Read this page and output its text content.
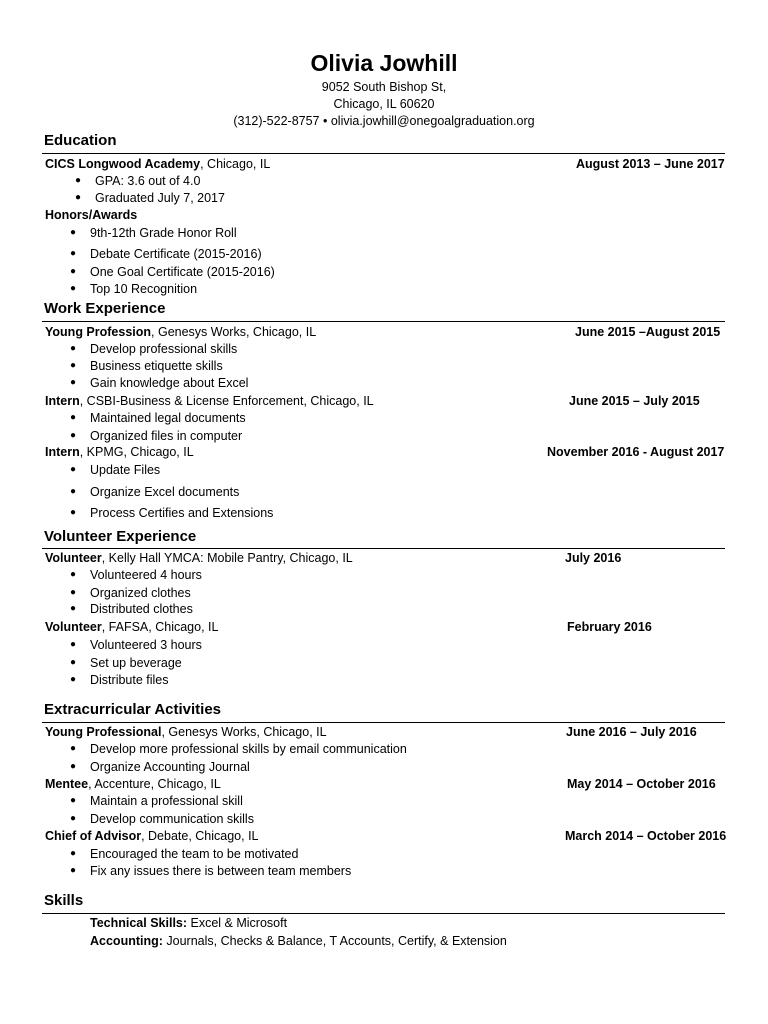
Olivia Jowhill
9052 South Bishop St,
Chicago, IL 60620
(312)-522-8757 • olivia.jowhill@onegoalgraduation.org
Education
CICS Longwood Academy, Chicago, IL	August 2013 – June 2017
● GPA: 3.6 out of 4.0
● Graduated July 7, 2017
Honors/Awards
● 9th-12th Grade Honor Roll
● Debate Certificate (2015-2016)
● One Goal Certificate (2015-2016)
● Top 10 Recognition
Work Experience
Young Profession, Genesys Works, Chicago, IL	June 2015 –August 2015
● Develop professional skills
● Business etiquette skills
● Gain knowledge about Excel
Intern, CSBI-Business & License Enforcement, Chicago, IL	June 2015 – July 2015
● Maintained legal documents
● Organized files in computer
Intern, KPMG, Chicago, IL	November 2016 - August 2017
● Update Files
● Organize Excel documents
● Process Certifies and Extensions
Volunteer Experience
Volunteer, Kelly Hall YMCA: Mobile Pantry, Chicago, IL	July 2016
● Volunteered 4 hours
● Organized clothes
● Distributed clothes
Volunteer, FAFSA, Chicago, IL	February 2016
● Volunteered 3 hours
● Set up beverage
● Distribute files
Extracurricular Activities
Young Professional, Genesys Works, Chicago, IL	June 2016 – July 2016
● Develop more professional skills by email communication
● Organize Accounting Journal
Mentee, Accenture, Chicago, IL	May 2014 – October 2016
● Maintain a professional skill
● Develop communication skills
Chief of Advisor, Debate, Chicago, IL	March 2014 – October 2016
● Encouraged the team to be motivated
● Fix any issues there is between team members
Skills
Technical Skills: Excel & Microsoft
Accounting: Journals, Checks & Balance, T Accounts, Certify, & Extension
